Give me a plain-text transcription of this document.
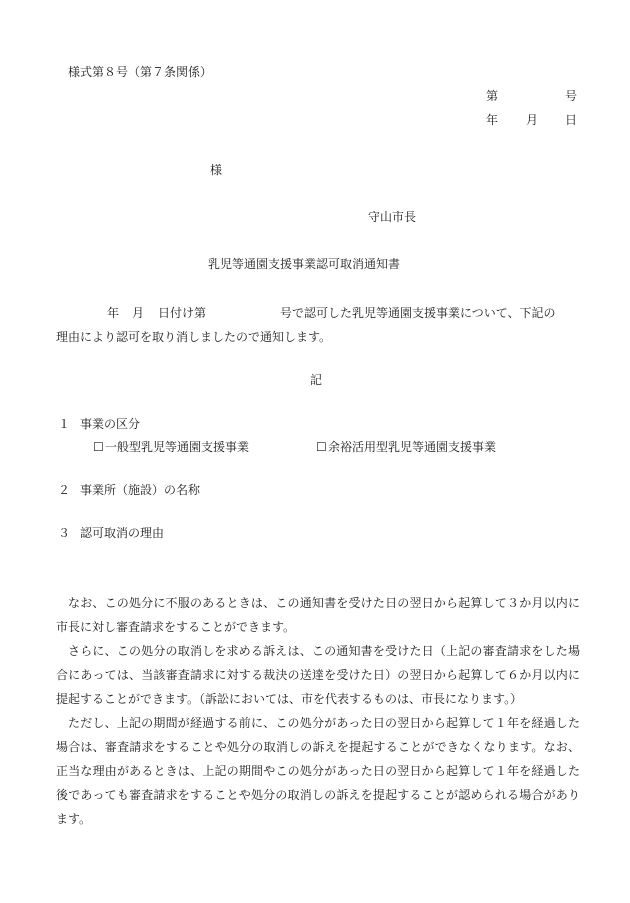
様式第８号（第７条関係）
第	号
年 月 日
様
守山市長
乳児等通園支援事業認可取消通知書
年 月 日付け第	号で認可した乳児等通園支援事業について、下記の
理由により認可を取り消しましたので通知します。
記
１ 事業の区分
☐ 一般型乳児等通園支援事業	☐ 余裕活用型乳児等通園支援事業
２ 事業所（施設）の名称
３ 認可取消の理由

なお、この処分に不服のあるときは、この通知書を受けた日の翌日から起算して３か月以内に市長に対し審査請求をすることができます。

さらに、この処分の取消しを求める訴えは、この通知書を受けた日（上記の審査請求をした場合にあっては、当該審査請求に対する裁決の送達を受けた日）の翌日から起算して６か月以内に提起することができます。（訴訟においては、市を代表するものは、市長になります。）

ただし、上記の期間が経過する前に、この処分があった日の翌日から起算して１年を経過した場合は、審査請求をすることや処分の取消しの訴えを提起することができなくなります。なお、正当な理由があるときは、上記の期間やこの処分があった日の翌日から起算して１年を経過した後であっても審査請求をすることや処分の取消しの訴えを提起することが認められる場合があります。
